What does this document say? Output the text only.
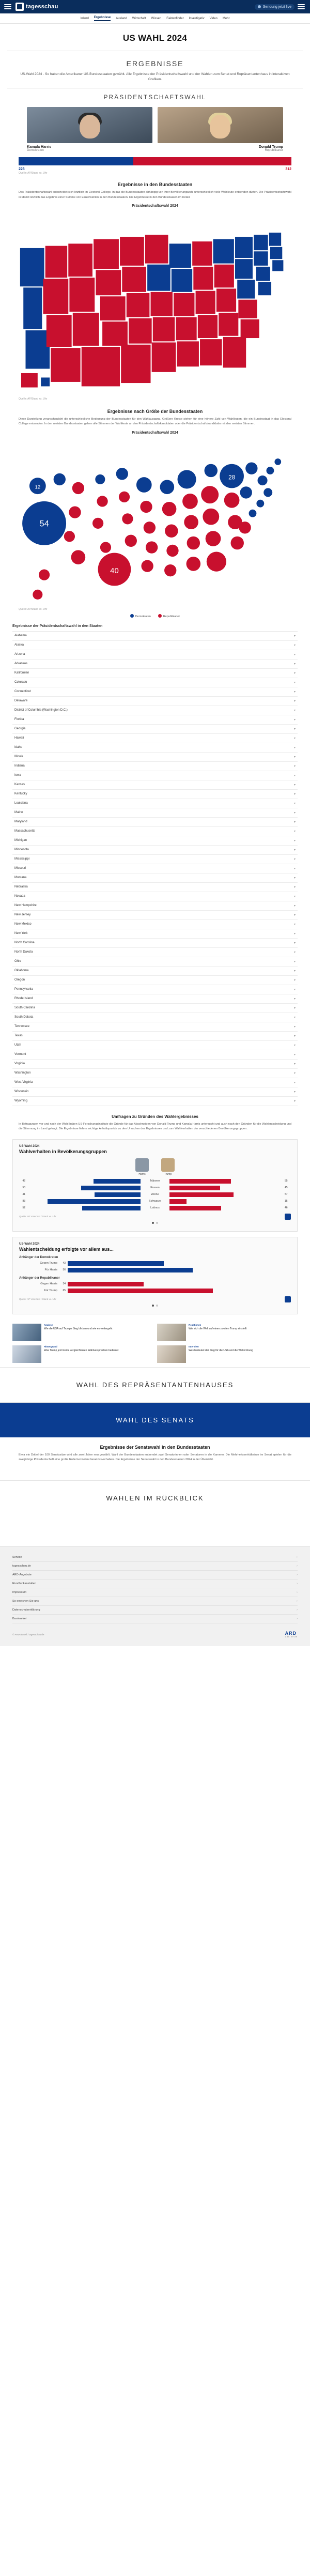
tagesschau	Sendung jetzt live
Inland Ergebnisse Ausland Wirtschaft Wissen Faktenfinder Investigativ Video Mehr
US WAHL 2024
ERGEBNISSE

US-Wahl 2024 - So haben die Amerikaner US-Bundesstaaten gewählt. Alle Ergebnisse der Präsidentschaftswahl und der Wahlen zum Senat und Repräsentantenhaus in interaktiven Grafiken.

PRÄSIDENTSCHAFTSWAHL
Kamala Harris
Demokraten
Donald Trump
Republikaner
226	312
Quelle: AP/Stand xx. Uhr
Ergebnisse in den Bundesstaaten

Das Präsidentschaftswahl entscheidet sich letztlich im Electoral College. In das die Bundesstaaten abhängig von ihrer Bevölkerungszahl unterschiedlich viele Wahlleute entsenden dürfen. Die Präsidentschaftswahl ist damit letztlich das Ergebnis einer Summe von Einzelwahlen in den Bundesstaaten. Die Ergebnisse in den Bundesstaaten im Detail.

Präsidentschaftswahl 2024
Quelle: AP/Stand xx. Uhr
Ergebnisse nach Größe der Bundesstaaten

Diese Darstellung veranschaulicht die unterschiedliche Bedeutung der Bundesstaaten für den Wahlausgang. Größere Kreise stehen für eine höhere Zahl von Wahlleuten, die ein Bundesstaat in das Electoral College entsenden. In den meisten Bundesstaaten gehen alle Stimmen der Wahlleute an den Präsidentschaftskandidaten oder die Präsidentschaftskandidatin mit den meisten Stimmen.

Präsidentschaftswahl 2024
54
12
28
40
Quelle: AP/Stand xx. Uhr
Demokraten	Republikaner
Ergebnisse der Präsidentschaftswahl in den Staaten
Alabama	▾
Alaska	▾
Arizona	▾
Arkansas	▾
Kalifornien	▾
Colorado	▾
Connecticut	▾
Delaware	▾
District of Columbia (Washington D.C.)	▾
Florida	▾
Georgia	▾
Hawaii	▾
Idaho	▾
Illinois	▾
Indiana	▾
Iowa	▾
Kansas	▾
Kentucky	▾
Louisiana	▾
Maine	▾
Maryland	▾
Massachusetts	▾
Michigan	▾
Minnesota	▾
Mississippi	▾
Missouri	▾
Montana	▾
Nebraska	▾
Nevada	▾
New Hampshire	▾
New Jersey	▾
New Mexico	▾
New York	▾
North Carolina	▾
North Dakota	▾
Ohio	▾
Oklahoma	▾
Oregon	▾
Pennsylvania	▾
Rhode Island	▾
South Carolina	▾
South Dakota	▾
Tennessee	▾
Texas	▾
Utah	▾
Vermont	▾
Virginia	▾
Washington	▾
West Virginia	▾
Wisconsin	▾
Wyoming	▾
Umfragen zu Gründen des Wahlergebnisses

In Befragungen vor und nach der Wahl haben US-Forschungsinstitute die Gründe für das Abschneiden von Donald Trump und Kamala Harris untersucht und auch nach den Gründen für die Wahlentscheidung und die Stimmung im Land gefragt. Die Ergebnisse liefern wichtige Anhaltspunkte zu den Ursachen des Ergebnisses und zum Wahlverhalten der verschiedenen Bevölkerungsgruppen.

US-Wahl 2024
Wahlverhalten in Bevölkerungsgruppen
Harris	Trump
42	Männer	55
53	Frauen	45
41	Weiße	57
83	Schwarze	15
52	Latinos	46
Quelle: AP VoteCast / Stand xx. Uhr
US-Wahl 2024
Wahlentscheidung erfolgte vor allem aus...
Anhänger der Demokraten
Gegen Trump	43
Für Harris	56
Anhänger der Republikaner
Gegen Harris	34
Für Trump	65
Quelle: AP VoteCast / Stand xx. Uhr
Analyse
Wie die USA auf Trumps Sieg blicken und wie es weitergeht
Reaktionen
Wie sich die Welt auf einen zweiten Trump einstellt
Hintergrund
Was Trump jetzt keine vergleichbaren Wahlversprechen bedeutet
Interview
Was bedeutet der Sieg für die USA und die Weltordnung
WAHL DES REPRÄSENTANTENHAUSES
WAHL DES SENATS
Ergebnisse der Senatswahl in den Bundesstaaten

Etwa ein Drittel der 100 Senatssitze wird alle zwei Jahre neu gewählt. Wahl der Bundesstaaten entsendet zwei Senatorinnen oder Senatoren in die Kammer. Die Mehrheitsverhältnisse im Senat spielen für die zweijährige Präsidentschaft eine große Rolle bei vielen Gesetzesvorhaben. Die Ergebnisse der Senatswahl in den Bundesstaaten 2024 in der Übersicht.

WAHLEN IM RÜCKBLICK
Service	›
tagesschau.de	›
ARD-Angebote	›
Rundfunkanstalten	›
Impressum	›
So erreichen Sie uns	›
Datenschutzerklärung	›
Barrierefrei	›
© ARD-aktuell / tagesschau.de	ARD
Das Erste
